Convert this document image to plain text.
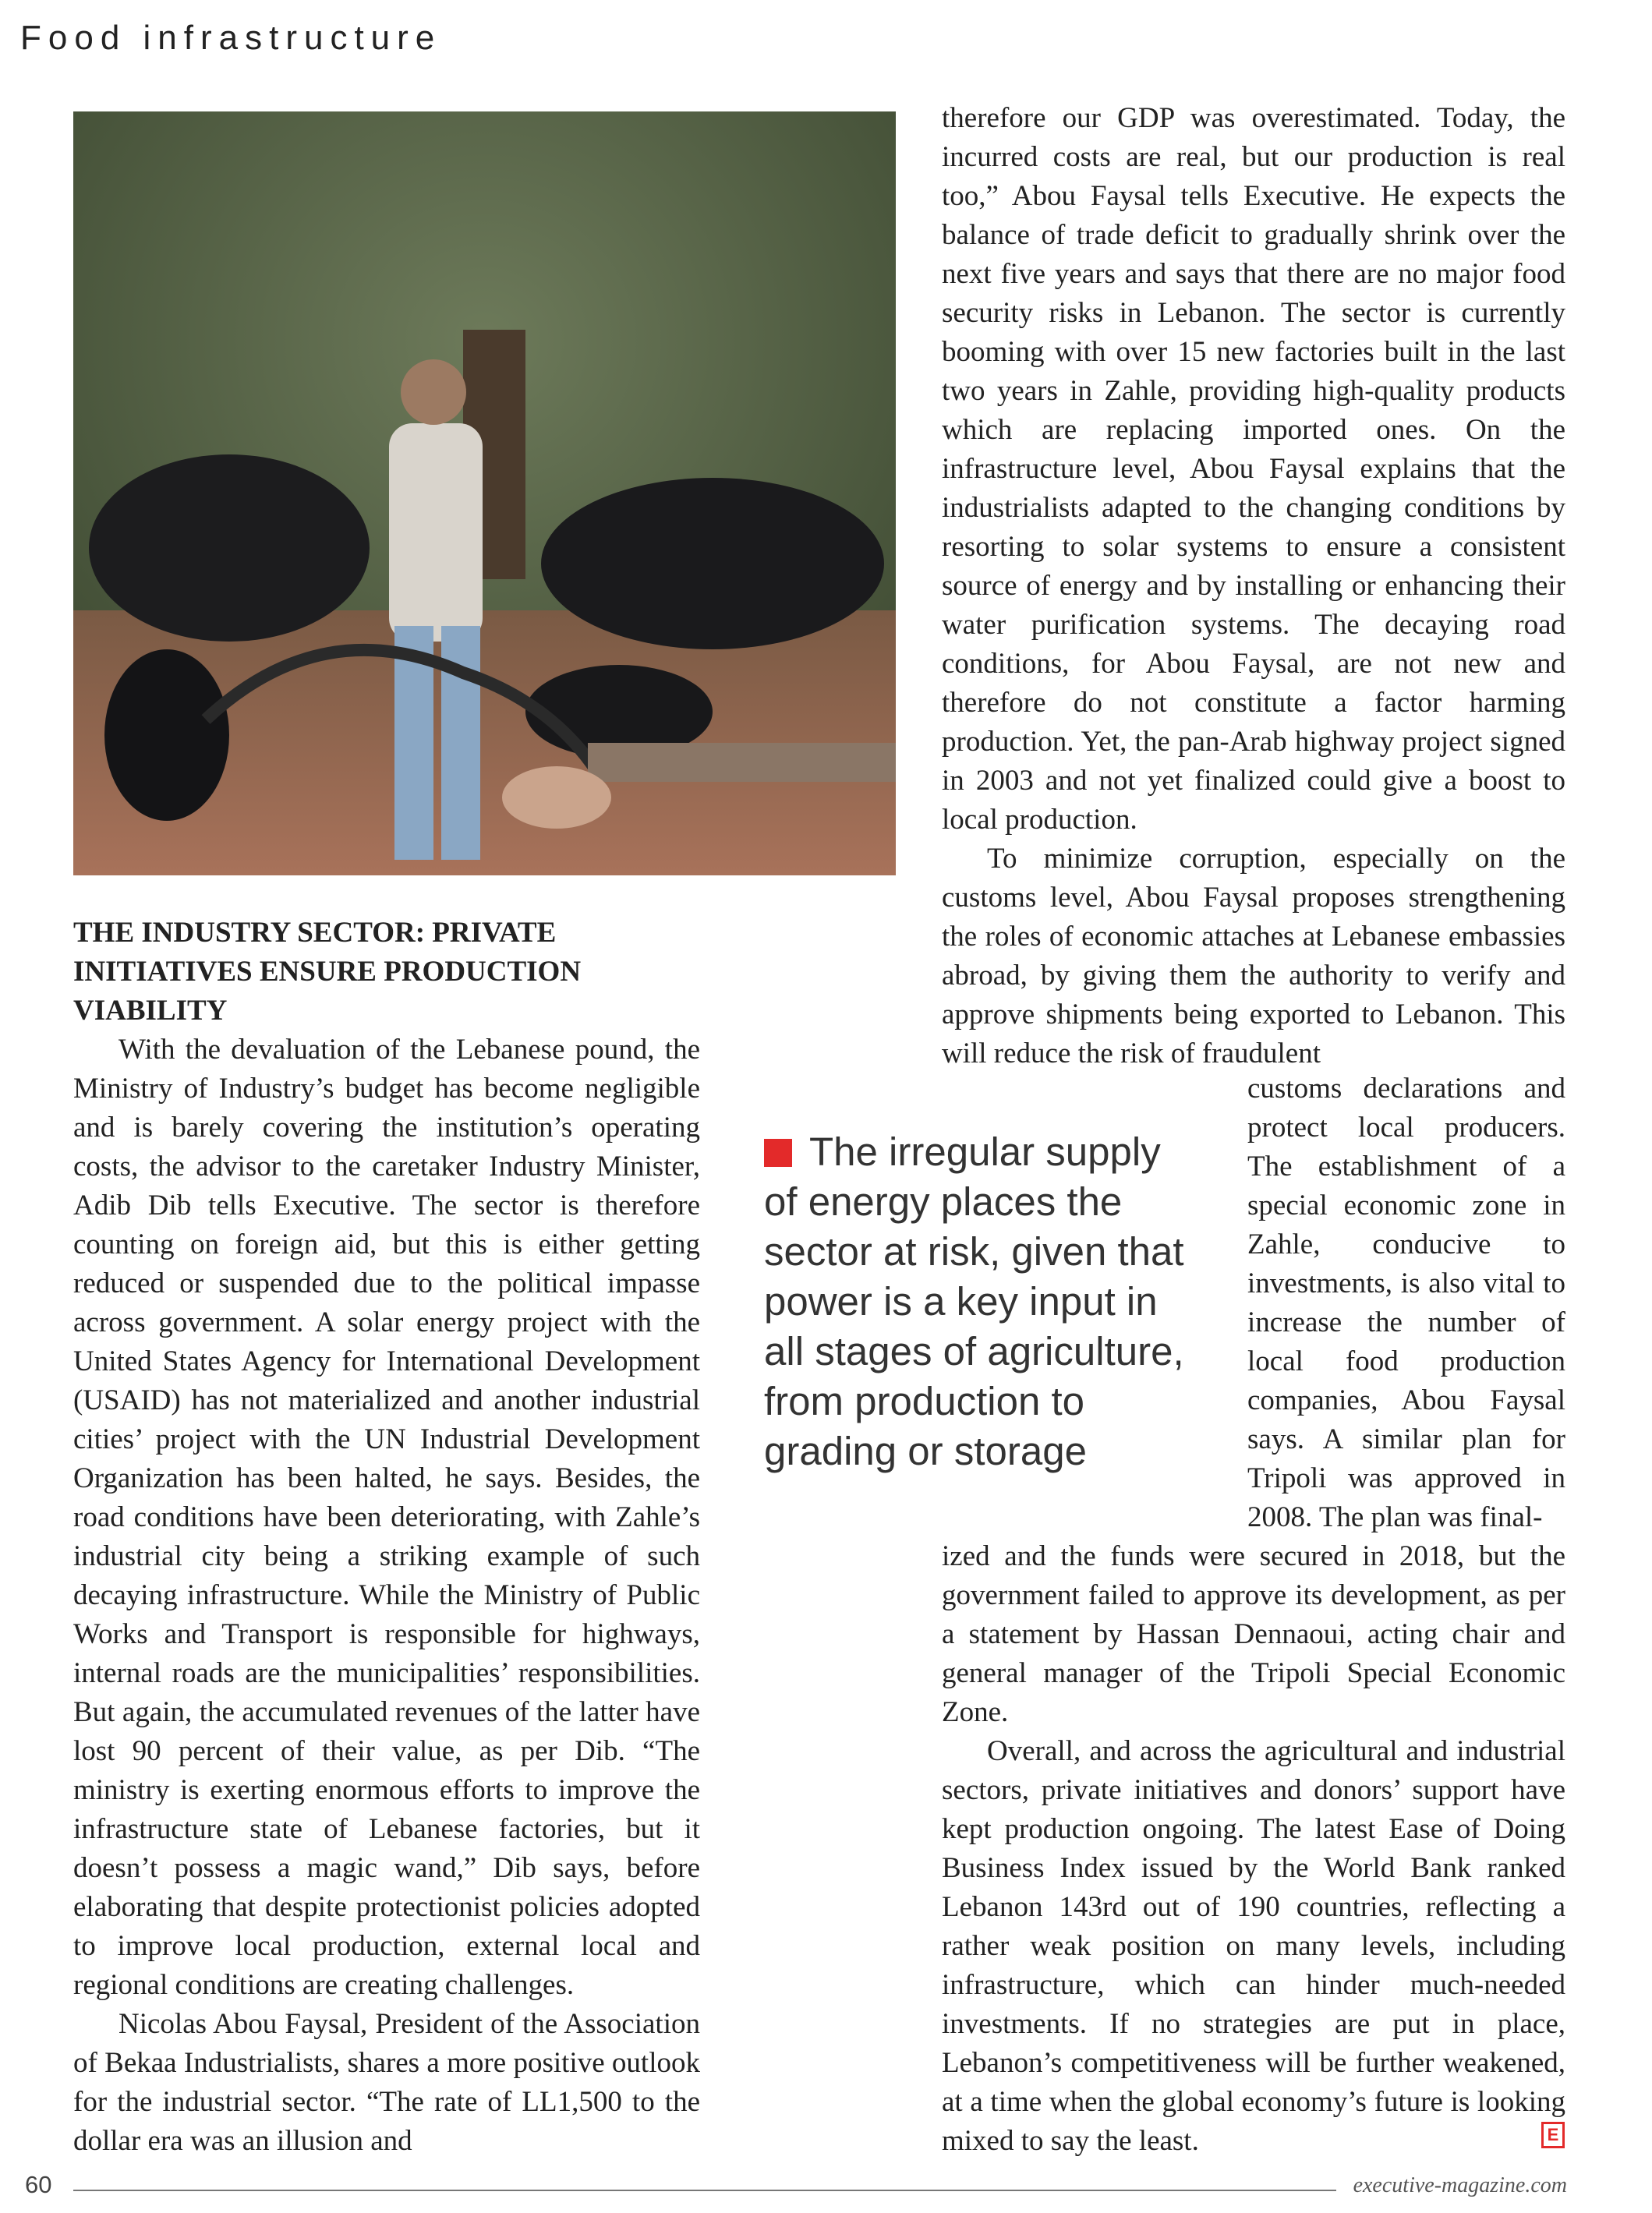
Food infrastructure
THE INDUSTRY SECTOR: PRIVATE INITIATIVES ENSURE PRODUCTION VIABILITY

With the devaluation of the Lebanese pound, the Ministry of Industry’s budget has become negligible and is barely covering the institution’s operating costs, the advisor to the caretaker Industry Minister, Adib Dib tells Executive. The sector is therefore counting on foreign aid, but this is either getting reduced or suspended due to the political impasse across government. A solar energy project with the United States Agency for International Development (USAID) has not materialized and another industrial cities’ project with the UN Industrial Development Organization has been halted, he says. Besides, the road conditions have been deteriorating, with Zahle’s industrial city being a striking example of such decaying infrastructure. While the Ministry of Public Works and Transport is responsible for highways, internal roads are the municipalities’ responsibilities. But again, the accumulated revenues of the latter have lost 90 percent of their value, as per Dib. “The ministry is exerting enormous efforts to improve the infrastructure state of Lebanese factories, but it doesn’t possess a magic wand,” Dib says, before elaborating that despite protectionist policies adopted to improve local production, external local and regional conditions are creating challenges.

Nicolas Abou Faysal, President of the Association of Bekaa Industrialists, shares a more positive outlook for the industrial sector. “The rate of LL1,500 to the dollar era was an illusion and

therefore our GDP was overestimated. Today, the incurred costs are real, but our production is real too,” Abou Faysal tells Executive. He expects the balance of trade deficit to gradually shrink over the next five years and says that there are no major food security risks in Lebanon. The sector is currently booming with over 15 new factories built in the last two years in Zahle, providing high-quality products which are replacing imported ones. On the infrastructure level, Abou Faysal explains that the industrialists adapted to the changing conditions by resorting to solar systems to ensure a consistent source of energy and by installing or enhancing their water purification systems. The decaying road conditions, for Abou Faysal, are not new and therefore do not constitute a factor harming production. Yet, the pan-Arab highway project signed in 2003 and not yet finalized could give a boost to local production.

To minimize corruption, especially on the customs level, Abou Faysal proposes strengthening the roles of economic attaches at Lebanese embassies abroad, by giving them the authority to verify and approve shipments being exported to Lebanon. This will reduce the risk of fraudulent

The irregular supply of energy places the sector at risk, given that power is a key input in all stages of agriculture, from production to grading or storage

customs declarations and protect local producers. The establishment of a special economic zone in Zahle, conducive to investments, is also vital to increase the number of local food production companies, Abou Faysal says. A similar plan for Tripoli was approved in 2008. The plan was final-

ized and the funds were secured in 2018, but the government failed to approve its development, as per a statement by Hassan Dennaoui, acting chair and general manager of the Tripoli Special Economic Zone.

Overall, and across the agricultural and industrial sectors, private initiatives and donors’ support have kept production ongoing. The latest Ease of Doing Business Index issued by the World Bank ranked Lebanon 143rd out of 190 countries, reflecting a rather weak position on many levels, including infrastructure, which can hinder much-needed investments. If no strategies are put in place, Lebanon’s competitiveness will be further weakened, at a time when the global economy’s future is looking mixed to say the least.	E
60	executive-magazine.com
